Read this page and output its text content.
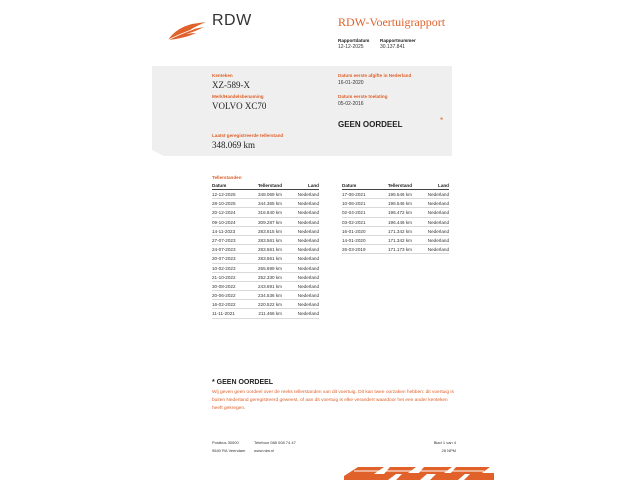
RDW	RDW-Voertuigrapport
Rapportdatum
12-12-2025
Rapportnummer
30.137.841
Kenteken
XZ-589-X
Merk/Handelsbenaming
VOLVO XC70
Datum eerste afgifte in Nederland
16-01-2020
Datum eerste toelating
05-02-2016
GEEN OORDEEL	*
Laatst geregistreerde tellerstand
348.069 km
Tellerstanden
Datum	Tellerstand	Land
12-12-2025	348.069 km	Nederland
28-10-2025	344.365 km	Nederland
20-12-2024	316.840 km	Nederland
09-10-2024	309.287 km	Nederland
14-11-2023	283.615 km	Nederland
27-07-2023	283.561 km	Nederland
24-07-2023	283.561 km	Nederland
20-07-2023	283.561 km	Nederland
10-02-2023	265.699 km	Nederland
21-10-2022	252.330 km	Nederland
30-08-2022	243.691 km	Nederland
20-06-2022	234.536 km	Nederland
16-02-2022	220.522 km	Nederland
11-11-2021	211.466 km	Nederland
Datum	Tellerstand	Land
17-06-2021	196.546 km	Nederland
10-06-2021	196.546 km	Nederland
02-04-2021	196.472 km	Nederland
03-02-2021	196.446 km	Nederland
16-01-2020	171.342 km	Nederland
14-01-2020	171.342 km	Nederland
26-03-2019	171.173 km	Nederland
* GEEN OORDEEL
Wij geven geen oordeel over de reeks tellerstanden van dit voertuig. Dit kan twee oorzaken hebben: dit voertuig is buiten Nederland geregistreerd geweest, of aan dit voertuig is elke verandert waardoor het een ander kenteken heeft gekregen.
Postbus 30000
9640 RA Veendam
Telefoon 088 008 74 47
www.rdw.nl
Blad 1 van 4
28 NPM
